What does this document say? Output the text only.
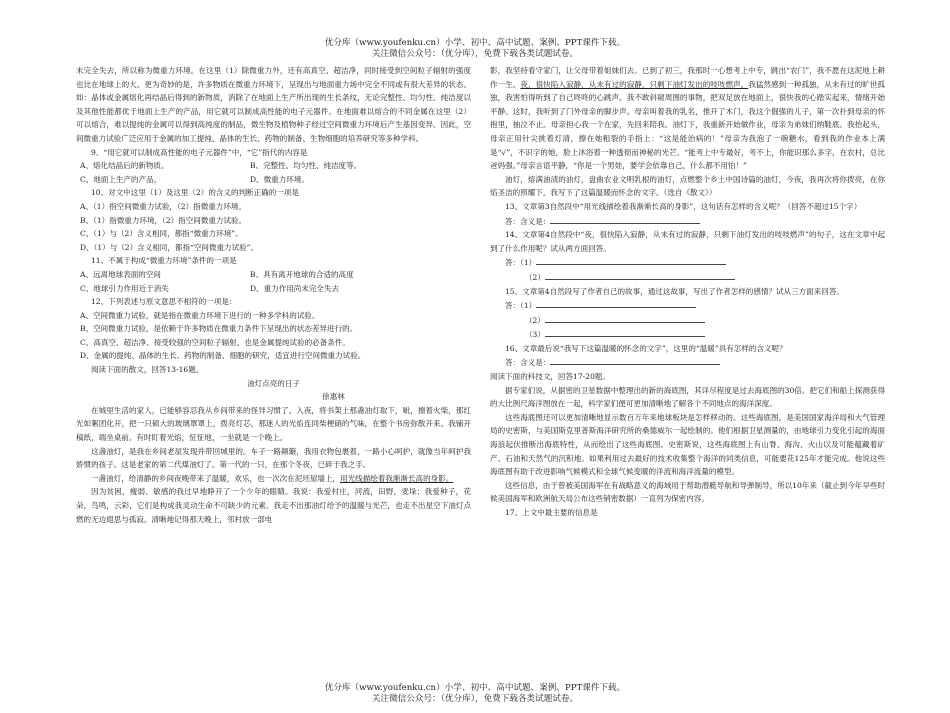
优分库（www.youfenku.cn）小学、初中、高中试题、案例、PPT课件下载。
关注微信公众号：（优分库），免费下载各类试题试卷。

未完全失去，所以称为微重力环境。在这里（1）除微重力外，还有高真空、超洁净，同时接受到空间粒子辐射的强度也比在地球上的大。更为奇妙的是，许多物质在微重力环境下，呈现出与地面重力场中完全不同或有很大差异的状态。如：晶体或金属熔化再结晶后得到的新物质，消除了在地面上生产所出现的生长条纹，无论完整性、均匀性、纯洁度以及其他性能都优于地面上生产的产品，用它就可以制成高性能的电子元器件。在地面难以熔合的不同金属在这里（2）可以熔合，难以提纯的金属可以得到高纯度的制品，微生物及植物种子经过空间微重力环境后产生基因变异。因此，空间微重力试验广泛应用于金属的加工提纯、晶体的生长、药物的制备、生物细胞的培养研究等多种学科。

9、“用它就可以制成高性能的电子元器件”中，“它”指代的内容是

A、熔化结晶后的新物质。	B、完整性、均匀性、纯洁度等。

C、地面上生产的产品。	D、微重力环境。

10、对文中这里（1）及这里（2）的含义的判断正确的一项是

A、（1）指空间微重力试验，（2）指微重力环境。

B、（1）指微重力环境，（2）指空间微重力试验。

C、（1）与（2）含义相同，都指“微重力环境”。

D、（1）与（2）含义相同，都指“空间微重力试验”。

11、不属于构成“微重力环境”条件的一项是

A、远离地球表面的空间	B、具有离开地球的合适的高度

C、地球引力作用近于消失	D、重力作用尚未完全失去

12、下列表述与原文意思不相符的一项是：

A、空间微重力试验，就是指在微重力环境下进行的一种多学科的试验。

B、空间微重力试验，是依赖于许多物质在微重力条件下呈现出的状态差异进行的。

C、高真空、超洁净、接受较强的空间粒子辐射，也是金属提纯试验的必备条件。

D、金属的提纯、晶体的生长、药物的制备、细胞的研究，适宜进行空间微重力试验。

阅读下面的散文，回答13-16题。

油灯点亮的日子

徐惠林

在城里生活的家人，已能够容忍我从乡间带来的怪异习惯了。入夜，将书架上那盏油灯取下，呲，擦着火柴，那红光如絮团化开，把一只硕大的玻璃罩罩上，拨亮灯芯，那迷人的光焰连同柴梗硝的气味，在整个书房弥散开来。我铺开稿纸，端坐桌前。有时盯着光焰，怔怔地，一坐就是一个晚上。

这盏油灯，是我在乡间老屋发现并带回城里的。车子一路颠簸，我用衣物包裹着，一路小心呵护，就像当年呵护我娇惯的孩子。这是老家的第二代煤油灯了。第一代的一只，在那个冬夜，已碎于我之手。

一盏油灯，给清静的乡间夜晚带来了温暖，欢乐，也一次次在泥坯屋墙上，用光线描绘着我渐渐长高的身影。

因为贫困，瘦弱、敏感的我过早地睁开了一个少年的眼睛。我说：我爱村庄，河流，田野，麦垛；我爱种子，花朵，鸟鸣，云彩，它们是构成我灵动生命不可缺少的元素。我走不出那油灯给予的温暖与光芒，也走不出星空下油灯点燃的无边遐思与孤寂。清晰地记得那天晚上，邻村放一部电

影，我坚持看守家门，让父母带着姐妹们去。已到了初三，我那时一心想考上中专，跳出“农门”，我不愿在这泥地上耕作一生。夜，很快陷入寂静，从未有过的寂静，只剩下油灯发出的吱吱燃声。我猛然感到一种孤独，从未有过的旷世孤独，我害怕得听到了自己咚咚的心跳声。我不敢斜窥周围的事物，把双足放在地面上，很快我的心踏实起来，情绪开始平静。这时，我听到了门外母亲的脚步声。母亲叫着我的乳名，推开了木门，我这个倔强的儿子，第一次扑到母亲的怀抱里，抽泣不止。母亲担心我一个在家，先回来陪我。油灯下，我重新开始做作业，母亲为弟妹们纳鞋底。我抬起头，母亲正用针尖挑着灯清，擦在她粗裂的手指上：“这是能治病的！”母亲为我泡了一碗糖水，看到我的作业本上满是“√”，不识字的她，脸上沐浴着一种透彻而神秘的光芒。“能考上中专最好，考不上，你能识那么多字，在农村，总比爸妈强。”母亲言语平静，“你是一个男娃，要学会依靠自己，什么都不用怕！”

油灯，熔满油渍的油灯，盘曲农业文明乳根的油灯，点燃整个乡土中国诗篇的油灯，今夜，我再次将你拨亮，在你焰圣洁的照耀下，我写下了这篇温暖而怀念的文字。（选自《散文》）

13、文章第3自然段中“用光线描绘着我渐渐长高的身影”，这句话有怎样的含义呢？（回答不超过15个字）

答：含义是：

14、文章第4自然段中“夜，很快陷入寂静，从未有过的寂静，只剩下油灯发出的吱吱燃声”的句子，这在文章中起到了什么作用呢？试从两方面回答。

答：（1）

（2）

15、文章第4自然段写了作者自己的故事，通过这故事，写出了作者怎样的感情？试从三方面来回答。

答：（1）

（2）

（3）

16、文章最后说“我写下这篇温暖的怀念的文字”，这里的“温暖”具有怎样的含义呢？

答：含义是：

阅读下面的科技文，回答17-20题。

据专家们说，从据密的卫星数据中整理出的新的海底图，其详尽程度是过去海底图的30倍。把它们和船上探测获得的大比例尺海洋图放在一起，科学家们便可更加清晰地了解各个不同地点的海洋深度。

这些海底图还可以更加清晰地显示数百万年来地球板块是怎样移动的。这些海底图，是美国国家海洋局和大气管理局的史密斯，与美国斯克里普斯海洋研究所的桑德威尔一起绘制的。他们根据卫星测量的，由地球引力变化引起的海面海浪起伏推断出海底特性，从而绘出了这些海底图。史密斯说，这些海底图上有山脊、海沟、火山以及可能蕴藏着矿产、石油和天然气的沉积地。如果利用过去最好的技术收集整个海洋的同类信息，可能要花125年才能完成。他说这些海底图有助于改进影响气候模式和全球气候变暖的洋流和海洋流量的模型。

这些信息，由于曾被美国海军在有战略意义的海域用于帮助潜艇导航和导弹制导，所以10年来（截止到今年早些时候美国海军和欧洲航天局公布这些销密数据）一直列为保密内容。

17、上文中最主要的信息是

优分库（www.youfenku.cn）小学、初中、高中试题、案例、PPT课件下载。
关注微信公众号：（优分库），免费下载各类试题试卷。
